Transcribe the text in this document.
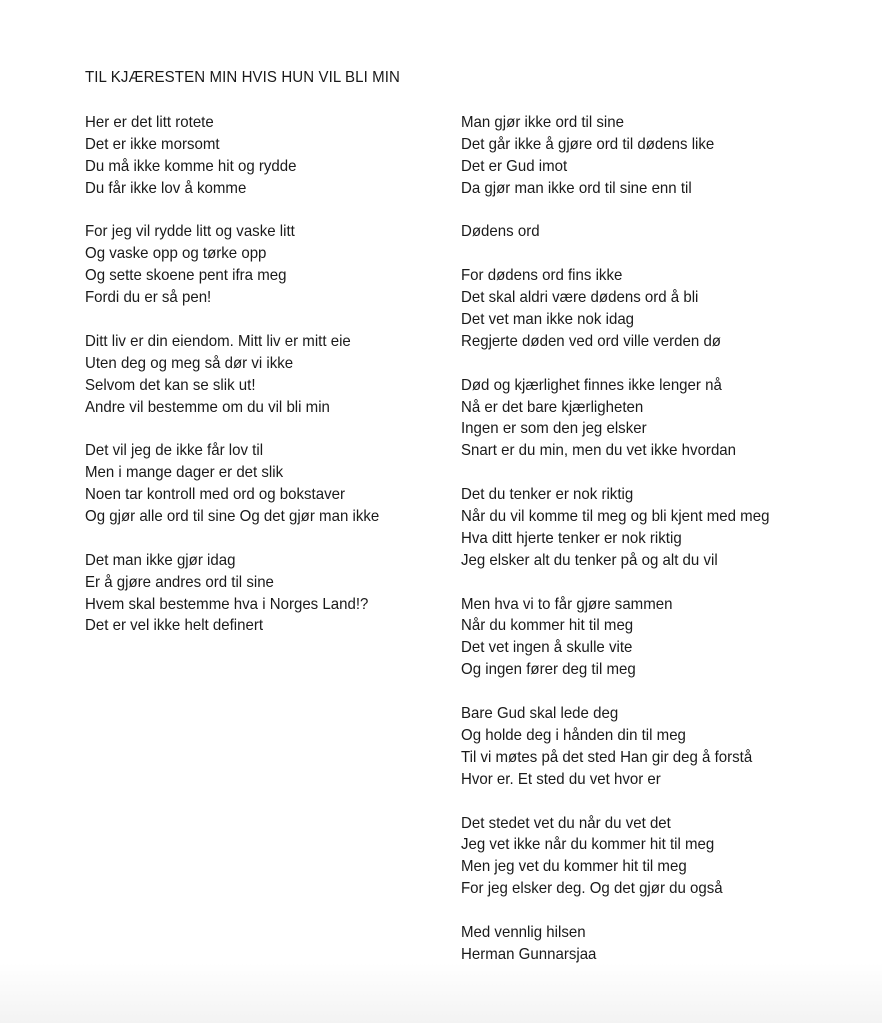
TIL KJÆRESTEN MIN HVIS HUN VIL BLI MIN
Her er det litt rotete
Det er ikke morsomt
Du må ikke komme hit og rydde
Du får ikke lov å komme
For jeg vil rydde litt og vaske litt
Og vaske opp og tørke opp
Og sette skoene pent ifra meg
Fordi du er så pen!
Ditt liv er din eiendom. Mitt liv er mitt eie
Uten deg og meg så dør vi ikke
Selvom det kan se slik ut!
Andre vil bestemme om du vil bli min
Det vil jeg de ikke får lov til
Men i mange dager er det slik
Noen tar kontroll med ord og bokstaver
Og gjør alle ord til sine Og det gjør man ikke
Det man ikke gjør idag
Er å gjøre andres ord til sine
Hvem skal bestemme hva i Norges Land!?
Det er vel ikke helt definert
Man gjør ikke ord til sine
Det går ikke å gjøre ord til dødens like
Det er Gud imot
Da gjør man ikke ord til sine enn til
Dødens ord
For dødens ord fins ikke
Det skal aldri være dødens ord å bli
Det vet man ikke nok idag
Regjerte døden ved ord ville verden dø
Død og kjærlighet finnes ikke lenger nå
Nå er det bare kjærligheten
Ingen er som den jeg elsker
Snart er du min, men du vet ikke hvordan
Det du tenker er nok riktig
Når du vil komme til meg og bli kjent med meg
Hva ditt hjerte tenker er nok riktig
Jeg elsker alt du tenker på og alt du vil
Men hva vi to får gjøre sammen
Når du kommer hit til meg
Det vet ingen å skulle vite
Og ingen fører deg til meg
Bare Gud skal lede deg
Og holde deg i hånden din til meg
Til vi møtes på det sted Han gir deg å forstå
Hvor er. Et sted du vet hvor er
Det stedet vet du når du vet det
Jeg vet ikke når du kommer hit til meg
Men jeg vet du kommer hit til meg
For jeg elsker deg. Og det gjør du også
Med vennlig hilsen
Herman Gunnarsjaa
